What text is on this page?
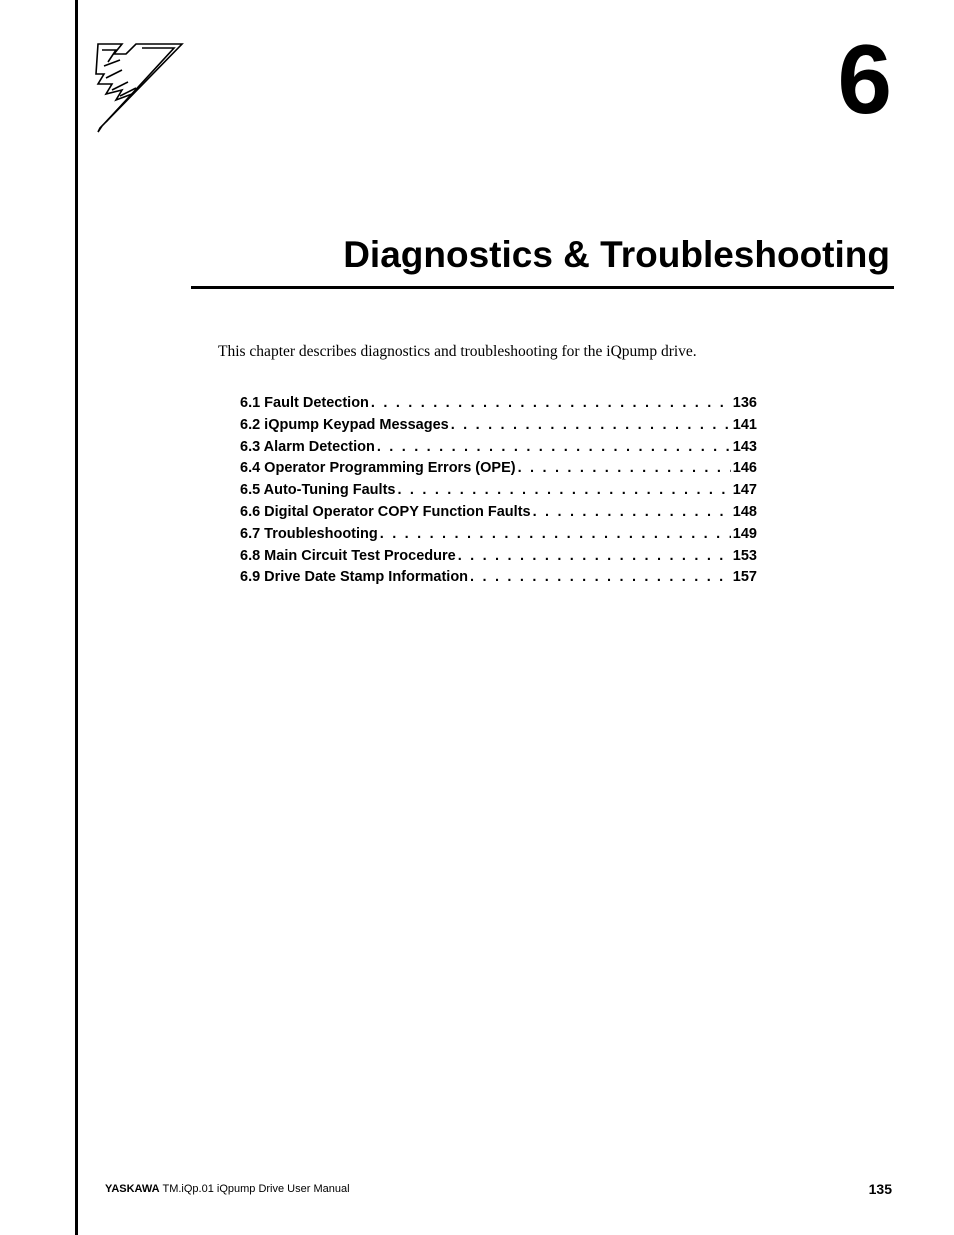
6
Diagnostics & Troubleshooting
This chapter describes diagnostics and troubleshooting for the iQpump drive.
6.1 Fault Detection . . .	136
6.2 iQpump Keypad Messages . . .	141
6.3 Alarm Detection . . .	143
6.4 Operator Programming Errors (OPE) . . .	146
6.5 Auto-Tuning Faults . . .	147
6.6 Digital Operator COPY Function Faults . . .	148
6.7 Troubleshooting . . .	149
6.8 Main Circuit Test Procedure . . .	153
6.9 Drive Date Stamp Information . . .	157
YASKAWA TM.iQp.01 iQpump Drive User Manual	135
